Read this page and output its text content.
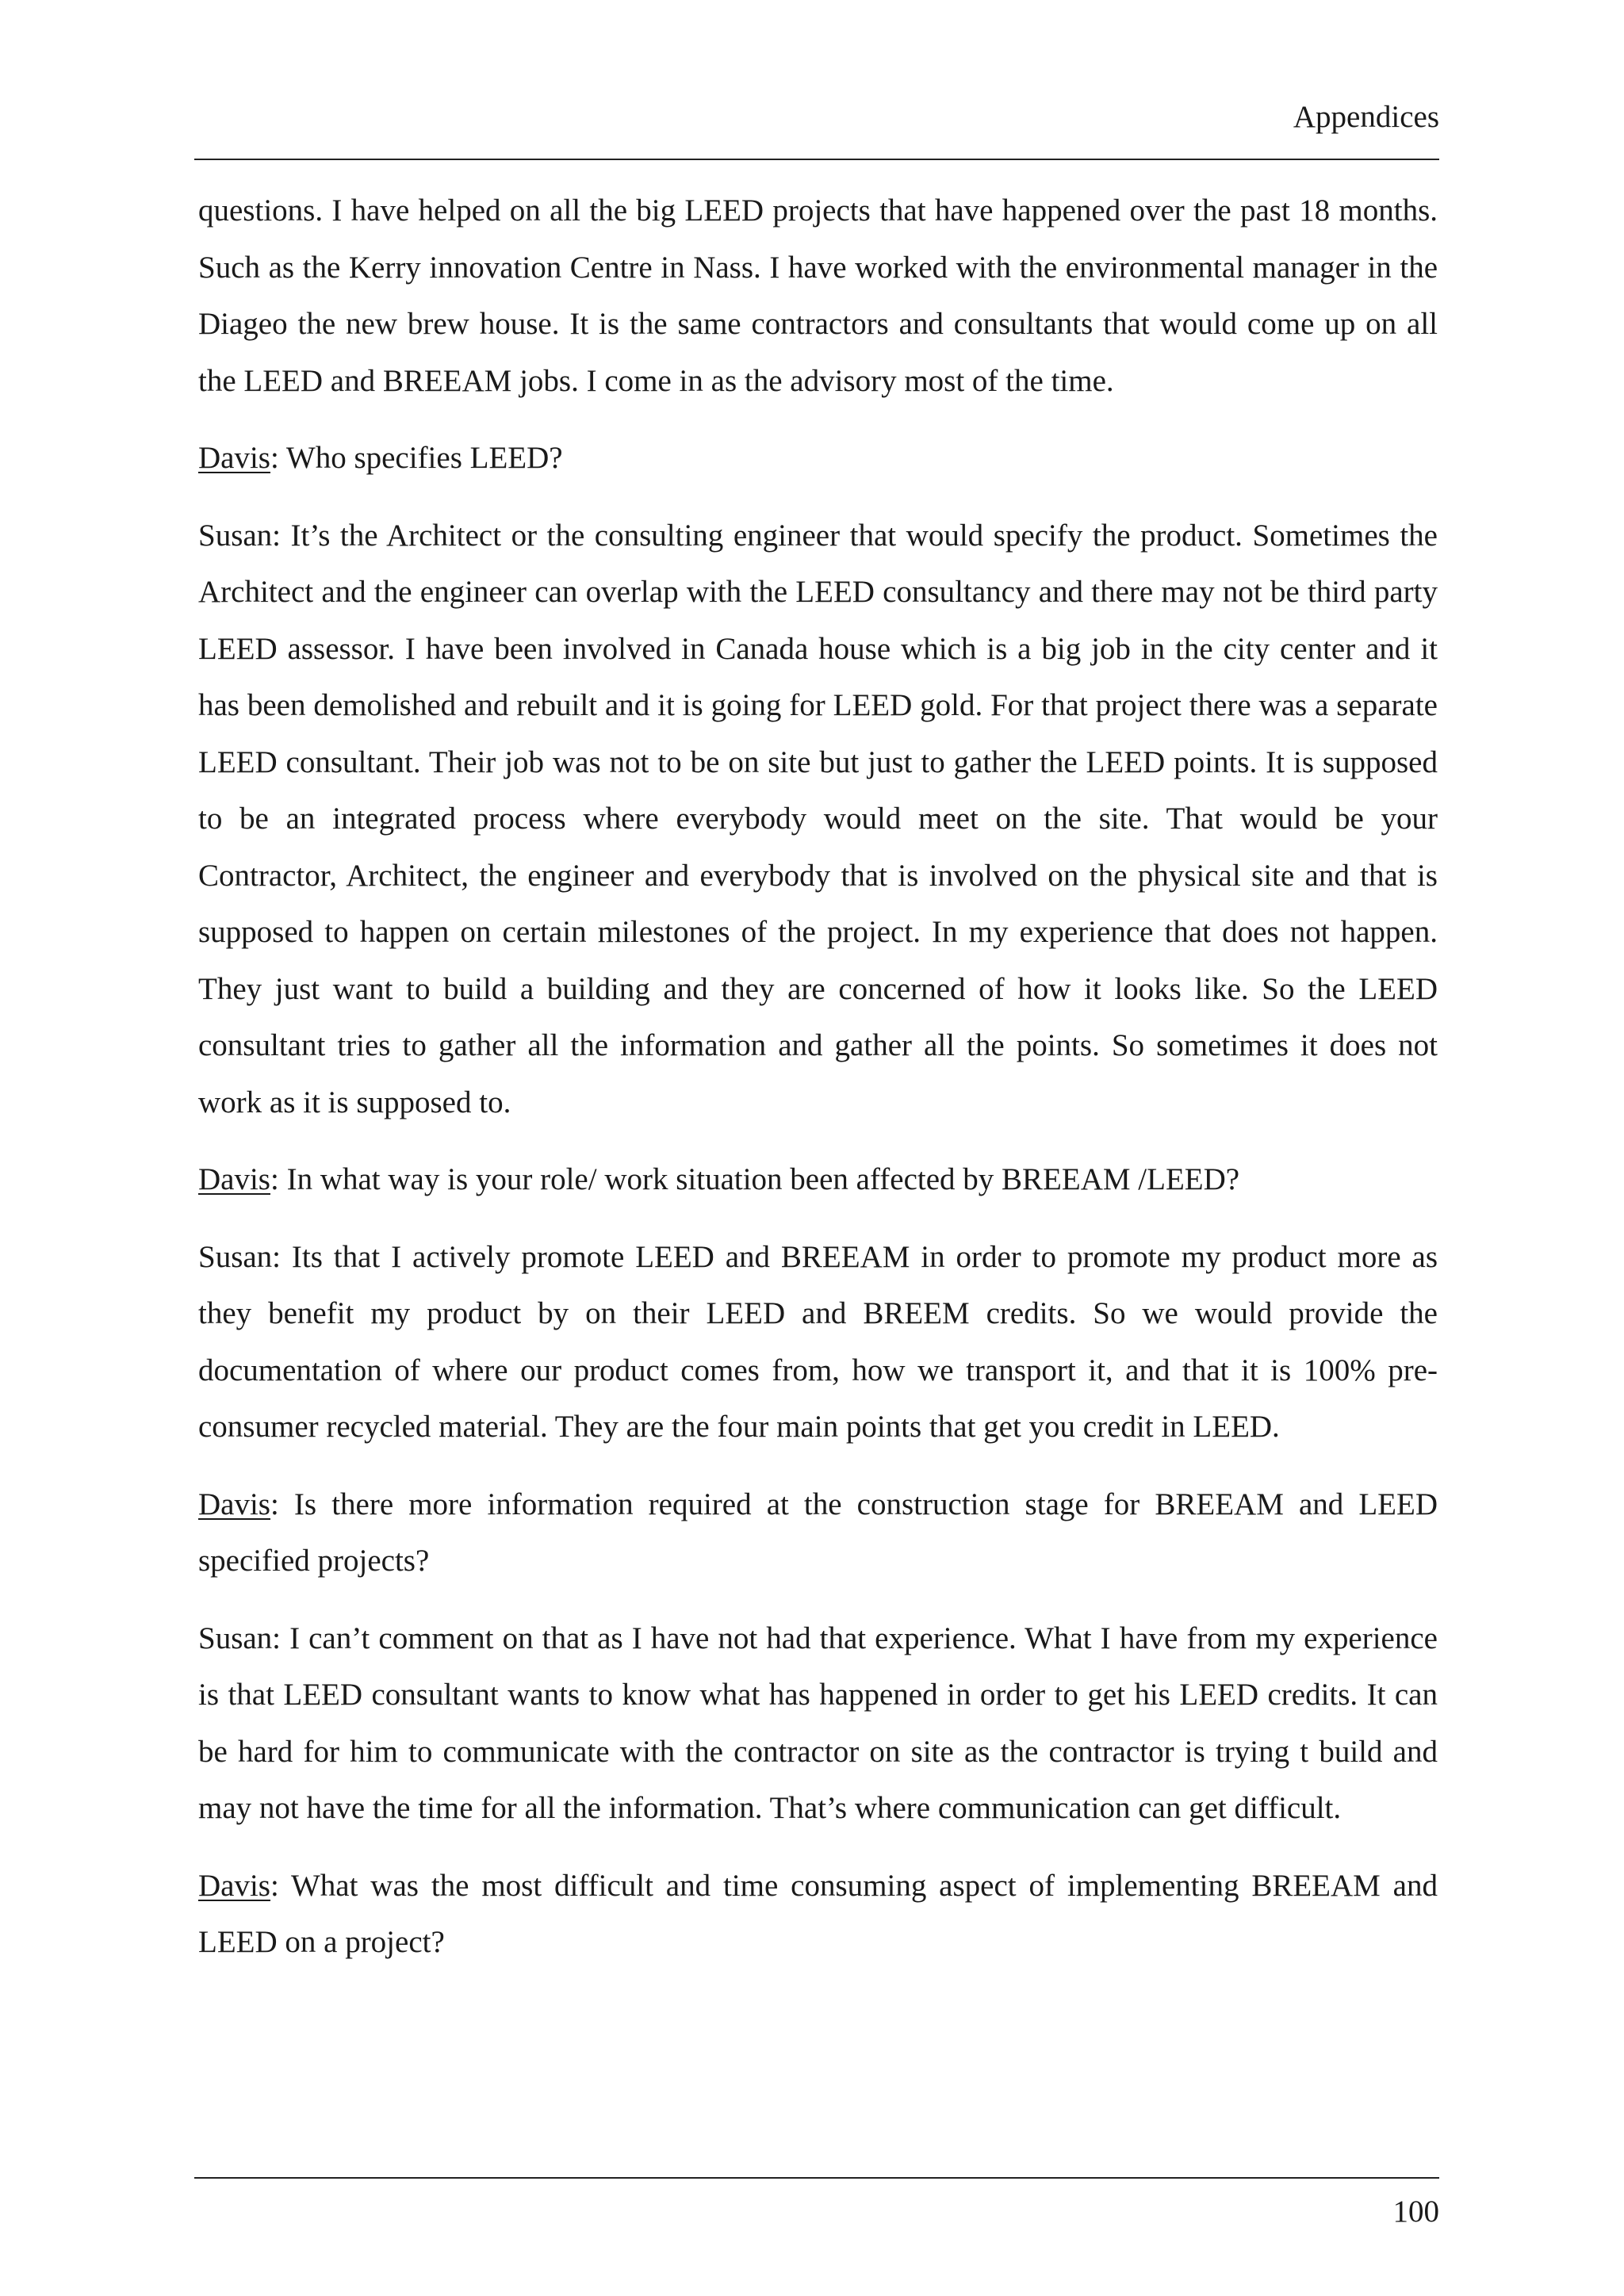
Appendices

questions. I have helped on all the big LEED projects that have happened over the past 18 months. Such as the Kerry innovation Centre in Nass. I have worked with the environmental manager in the Diageo the new brew house. It is the same contractors and consultants that would come up on all the LEED and BREEAM jobs. I come in as the advisory most of the time.

Davis: Who specifies LEED?

Susan: It’s the Architect or the consulting engineer that would specify the product. Sometimes the Architect and the engineer can overlap with the LEED consultancy and there may not be third party LEED assessor. I have been involved in Canada house which is a big job in the city center and it has been demolished and rebuilt and it is going for LEED gold. For that project there was a separate LEED consultant. Their job was not to be on site but just to gather the LEED points. It is supposed to be an integrated process where everybody would meet on the site. That would be your Contractor, Architect, the engineer and everybody that is involved on the physical site and that is supposed to happen on certain milestones of the project. In my experience that does not happen. They just want to build a building and they are concerned of how it looks like. So the LEED consultant tries to gather all the information and gather all the points. So sometimes it does not work as it is supposed to.

Davis: In what way is your role/ work situation been affected by BREEAM /LEED?

Susan: Its that I actively promote LEED and BREEAM in order to promote my product more as they benefit my product by on their LEED and BREEM credits. So we would provide the documentation of where our product comes from, how we transport it, and that it is 100% pre-consumer recycled material. They are the four main points that get you credit in LEED.

Davis: Is there more information required at the construction stage for BREEAM and LEED specified projects?

Susan: I can’t comment on that as I have not had that experience. What I have from my experience is that LEED consultant wants to know what has happened in order to get his LEED credits. It can be hard for him to communicate with the contractor on site as the contractor is trying t build and may not have the time for all the information. That’s where communication can get difficult.

Davis: What was the most difficult and time consuming aspect of implementing BREEAM and LEED on a project?

100
